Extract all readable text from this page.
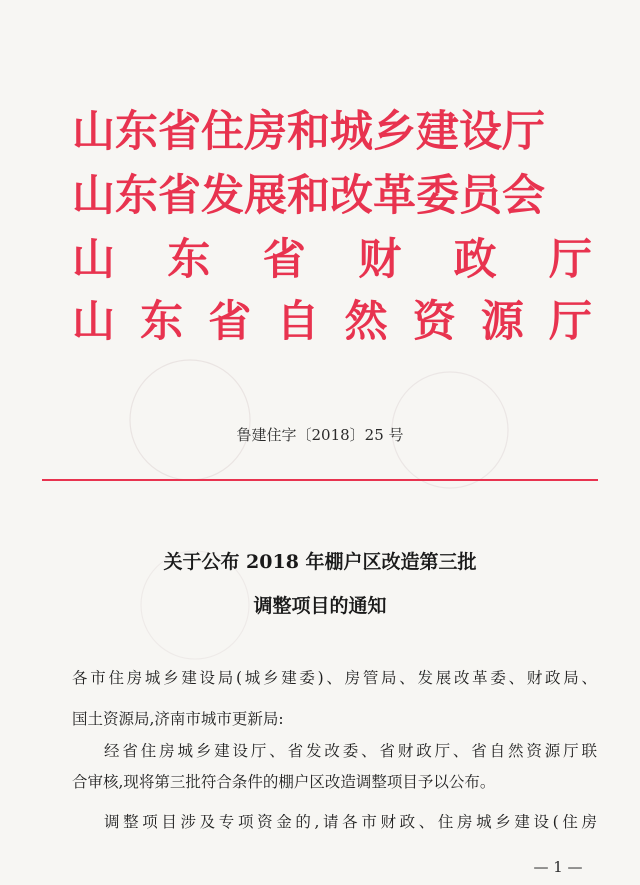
山东省住房和城乡建设厅
山东省发展和改革委员会
山东省财政厅
山东省自然资源厅
鲁建住字〔2018〕25 号
关于公布 2018 年棚户区改造第三批
调整项目的通知
各市住房城乡建设局(城乡建委)、房管局、发展改革委、财政局、
国土资源局,济南市城市更新局:
经省住房城乡建设厅、省发改委、省财政厅、省自然资源厅联
合审核,现将第三批符合条件的棚户区改造调整项目予以公布。
调整项目涉及专项资金的,请各市财政、住房城乡建设(住房
— 1 —
